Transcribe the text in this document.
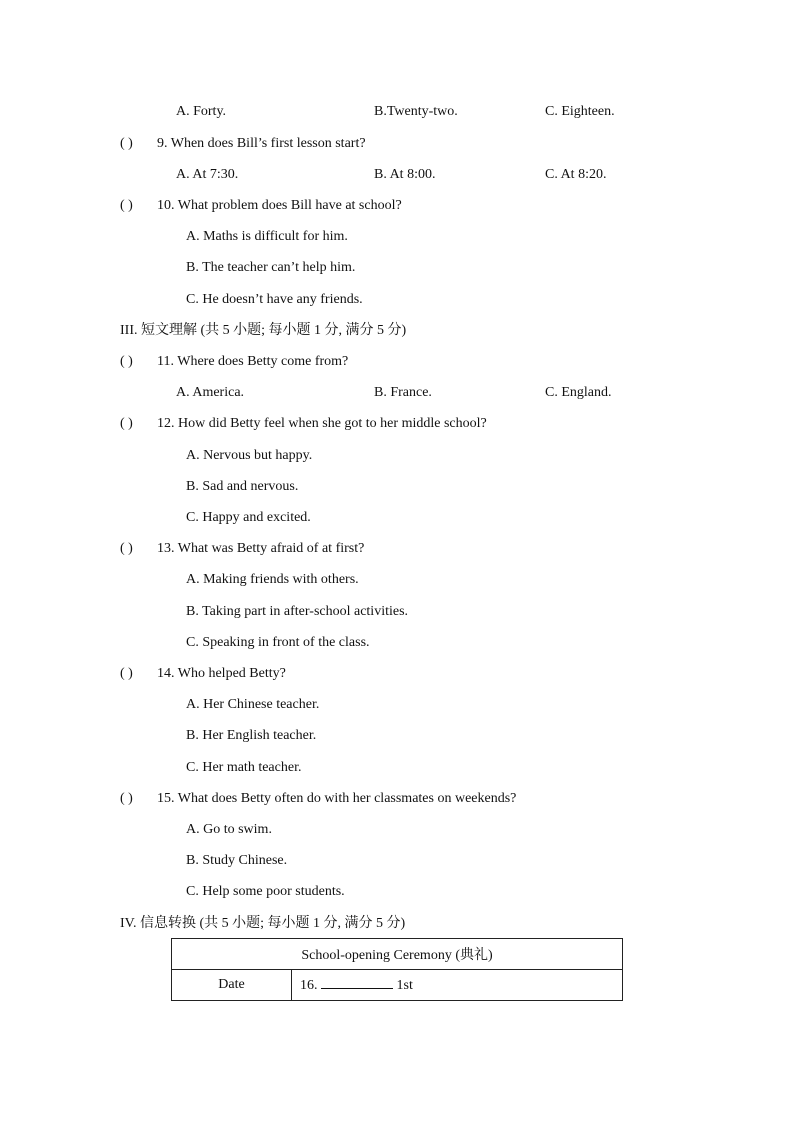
A. Forty.	B.Twenty-two.	C. Eighteen.
( ) 9. When does Bill’s first lesson start?
A. At 7:30.	B. At 8:00.	C. At 8:20.
( ) 10. What problem does Bill have at school?
A. Maths is difficult for him.
B. The teacher can’t help him.
C. He doesn’t have any friends.
III. 短文理解 (共 5 小题; 每小题 1 分, 满分 5 分)
( ) 11. Where does Betty come from?
A. America.	B. France.	C. England.
( ) 12. How did Betty feel when she got to her middle school?
A. Nervous but happy.
B. Sad and nervous.
C. Happy and excited.
( ) 13. What was Betty afraid of at first?
A. Making friends with others.
B. Taking part in after-school activities.
C. Speaking in front of the class.
( ) 14. Who helped Betty?
A. Her Chinese teacher.
B. Her English teacher.
C. Her math teacher.
( ) 15. What does Betty often do with her classmates on weekends?
A. Go to swim.
B. Study Chinese.
C. Help some poor students.
IV. 信息转换 (共 5 小题; 每小题 1 分, 满分 5 分)
School-opening Ceremony (典礼)
Date	16.	1st
